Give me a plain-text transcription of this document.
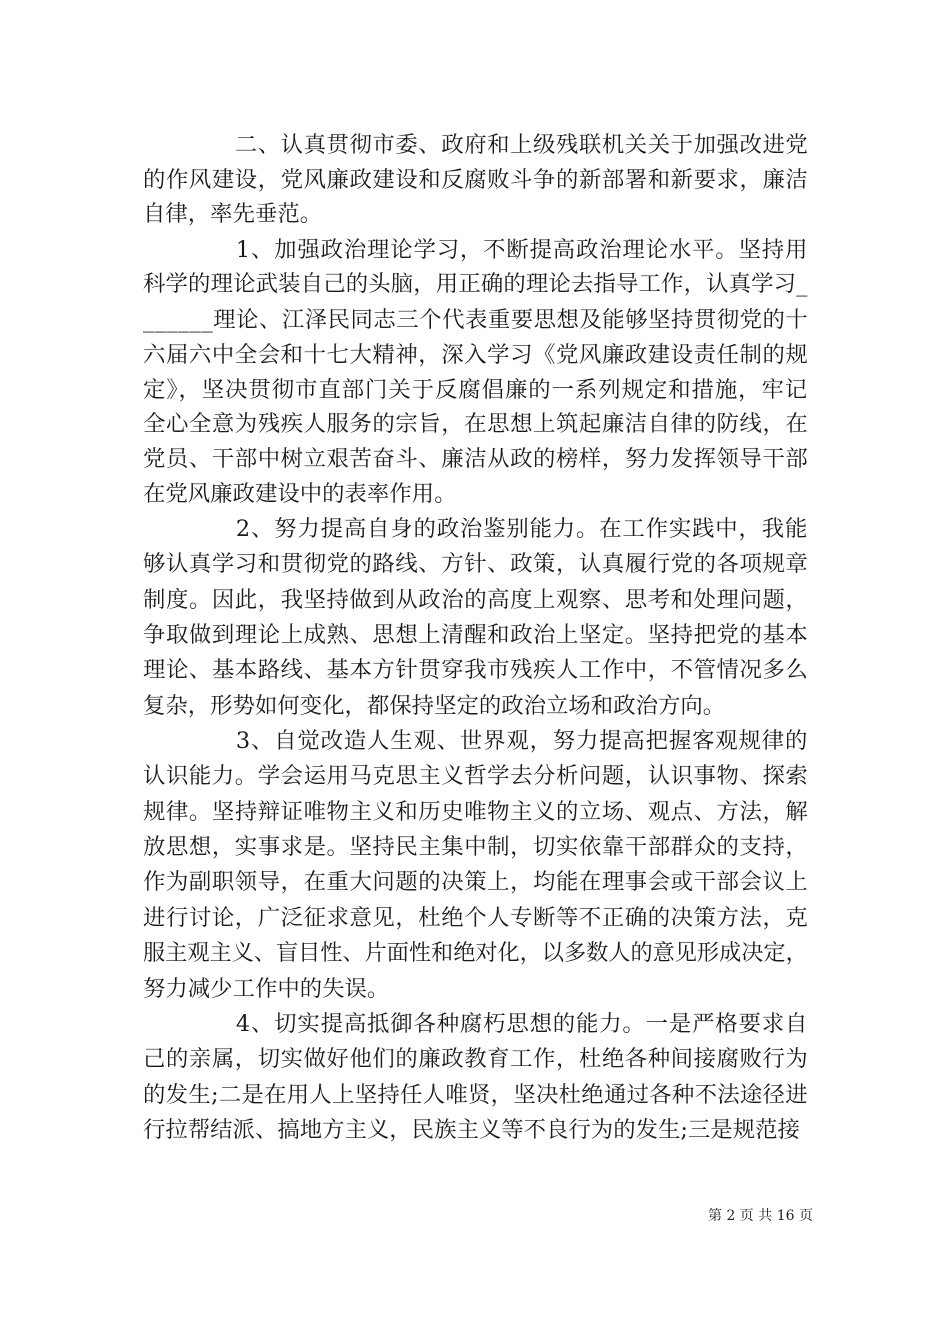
　　　　二、认真贯彻市委、政府和上级残联机关关于加强改进党
的作风建设，党风廉政建设和反腐败斗争的新部署和新要求，廉洁
自律，率先垂范。
　　　　1、加强政治理论学习，不断提高政治理论水平。坚持用
科学的理论武装自己的头脑，用正确的理论去指导工作，认真学习_
______理论、江泽民同志三个代表重要思想及能够坚持贯彻党的十
六届六中全会和十七大精神，深入学习《党风廉政建设责任制的规
定》，坚决贯彻市直部门关于反腐倡廉的一系列规定和措施，牢记
全心全意为残疾人服务的宗旨，在思想上筑起廉洁自律的防线，在
党员、干部中树立艰苦奋斗、廉洁从政的榜样，努力发挥领导干部
在党风廉政建设中的表率作用。
　　　　2、努力提高自身的政治鉴别能力。在工作实践中，我能
够认真学习和贯彻党的路线、方针、政策，认真履行党的各项规章
制度。因此，我坚持做到从政治的高度上观察、思考和处理问题，
争取做到理论上成熟、思想上清醒和政治上坚定。坚持把党的基本
理论、基本路线、基本方针贯穿我市残疾人工作中，不管情况多么
复杂，形势如何变化，都保持坚定的政治立场和政治方向。
　　　　3、自觉改造人生观、世界观，努力提高把握客观规律的
认识能力。学会运用马克思主义哲学去分析问题，认识事物、探索
规律。坚持辩证唯物主义和历史唯物主义的立场、观点、方法，解
放思想，实事求是。坚持民主集中制，切实依靠干部群众的支持，
作为副职领导，在重大问题的决策上，均能在理事会或干部会议上
进行讨论，广泛征求意见，杜绝个人专断等不正确的决策方法，克
服主观主义、盲目性、片面性和绝对化，以多数人的意见形成决定，
努力减少工作中的失误。
　　　　4、切实提高抵御各种腐朽思想的能力。一是严格要求自
己的亲属，切实做好他们的廉政教育工作，杜绝各种间接腐败行为
的发生;二是在用人上坚持任人唯贤，坚决杜绝通过各种不法途径进
行拉帮结派、搞地方主义，民族主义等不良行为的发生;三是规范接
第 2 页 共 16 页
